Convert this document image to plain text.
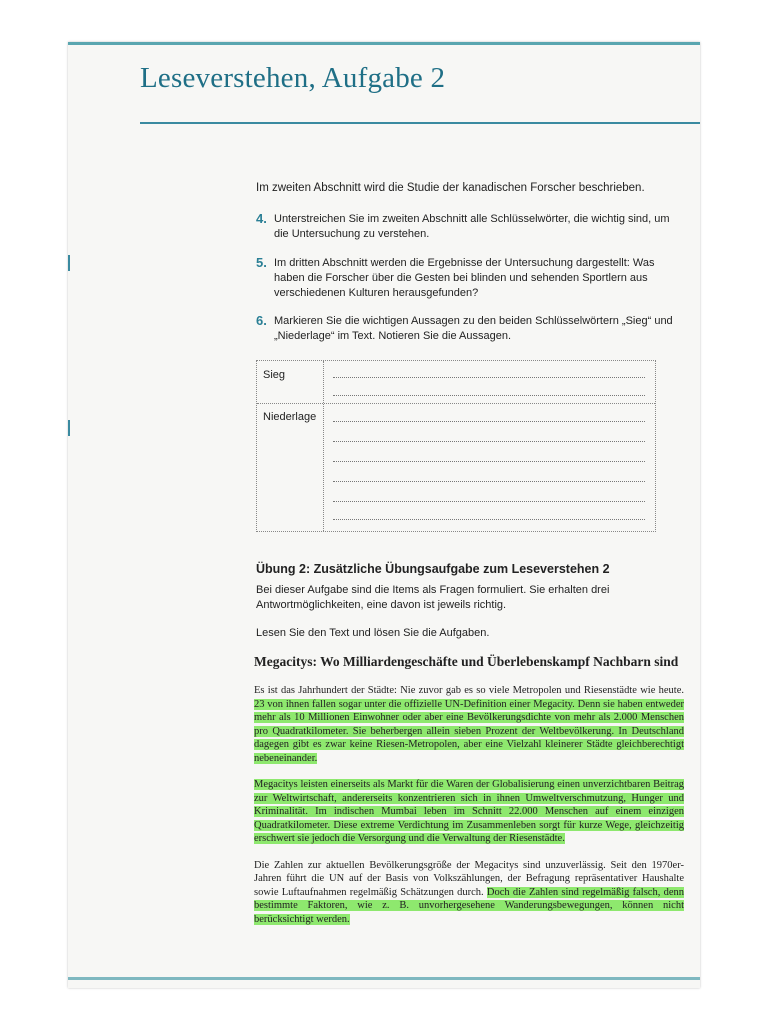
Leseverstehen, Aufgabe 2
Im zweiten Abschnitt wird die Studie der kanadischen Forscher beschrieben.
4. Unterstreichen Sie im zweiten Abschnitt alle Schlüsselwörter, die wichtig sind, um die Untersuchung zu verstehen.
5. Im dritten Abschnitt werden die Ergebnisse der Untersuchung dargestellt: Was haben die Forscher über die Gesten bei blinden und sehenden Sportlern aus verschiedenen Kulturen herausgefunden?
6. Markieren Sie die wichtigen Aussagen zu den beiden Schlüsselwörtern „Sieg“ und „Niederlage“ im Text. Notieren Sie die Aussagen.
Sieg
Niederlage
Übung 2: Zusätzliche Übungsaufgabe zum Leseverstehen 2
Bei dieser Aufgabe sind die Items als Fragen formuliert. Sie erhalten drei Antwortmöglichkeiten, eine davon ist jeweils richtig.
Lesen Sie den Text und lösen Sie die Aufgaben.
Megacitys: Wo Milliardengeschäfte und Überlebenskampf Nachbarn sind

Es ist das Jahrhundert der Städte: Nie zuvor gab es so viele Metropolen und Riesenstädte wie heute. 23 von ihnen fallen sogar unter die offizielle UN-Definition einer Megacity. Denn sie haben entweder mehr als 10 Millionen Einwohner oder aber eine Bevölkerungsdichte von mehr als 2.000 Menschen pro Quadratkilometer. Sie beherbergen allein sieben Prozent der Weltbevölkerung. In Deutschland dagegen gibt es zwar keine Riesen-Metropolen, aber eine Vielzahl kleinerer Städte gleichberechtigt nebeneinander.

Megacitys leisten einerseits als Markt für die Waren der Globalisierung einen unverzichtbaren Beitrag zur Weltwirtschaft, andererseits konzentrieren sich in ihnen Umweltverschmutzung, Hunger und Kriminalität. Im indischen Mumbai leben im Schnitt 22.000 Menschen auf einem einzigen Quadratkilometer. Diese extreme Verdichtung im Zusammenleben sorgt für kurze Wege, gleichzeitig erschwert sie jedoch die Versorgung und die Verwaltung der Riesenstädte.

Die Zahlen zur aktuellen Bevölkerungsgröße der Megacitys sind unzuverlässig. Seit den 1970er-Jahren führt die UN auf der Basis von Volkszählungen, der Befragung repräsentativer Haushalte sowie Luftaufnahmen regelmäßig Schätzungen durch. Doch die Zahlen sind regelmäßig falsch, denn bestimmte Faktoren, wie z. B. unvorhergesehene Wanderungsbewegungen, können nicht berücksichtigt werden.
